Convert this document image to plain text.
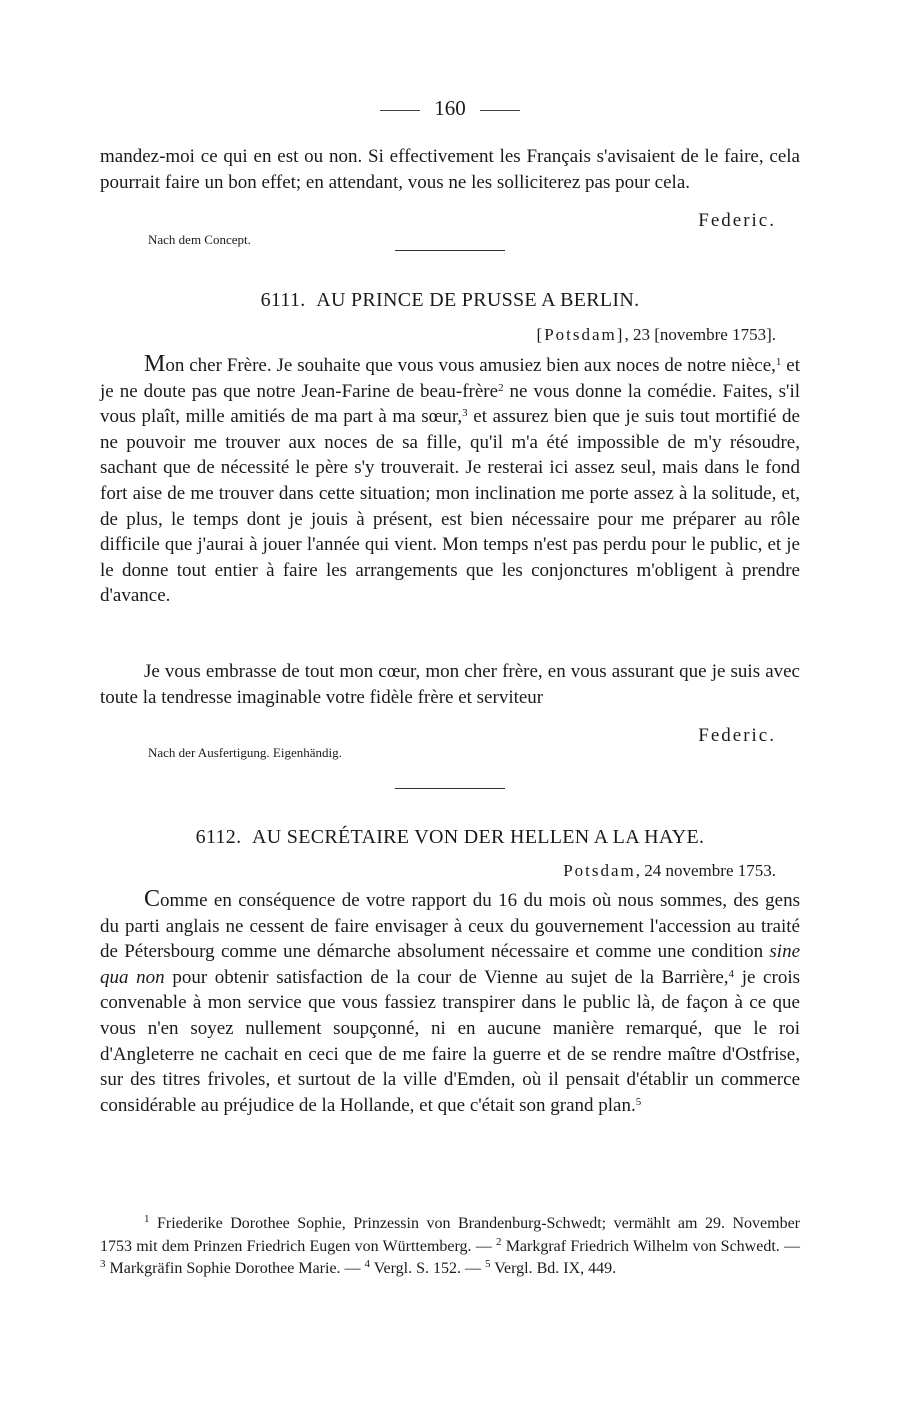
160
mandez-moi ce qui en est ou non. Si effectivement les Français s'avisaient de le faire, cela pourrait faire un bon effet; en attendant, vous ne les solliciterez pas pour cela.
Federic.
Nach dem Concept.
6111. AU PRINCE DE PRUSSE A BERLIN.
[Potsdam], 23 [novembre 1753].
Mon cher Frère. Je souhaite que vous vous amusiez bien aux noces de notre nièce,$^1$ et je ne doute pas que notre Jean-Farine de beau-frère$^2$ ne vous donne la comédie. Faites, s'il vous plaît, mille amitiés de ma part à ma sœur,$^3$ et assurez bien que je suis tout mortifié de ne pouvoir me trouver aux noces de sa fille, qu'il m'a été impossible de m'y résoudre, sachant que de nécessité le père s'y trouverait. Je resterai ici assez seul, mais dans le fond fort aise de me trouver dans cette situation; mon inclination me porte assez à la solitude, et, de plus, le temps dont je jouis à présent, est bien nécessaire pour me préparer au rôle difficile que j'aurai à jouer l'année qui vient. Mon temps n'est pas perdu pour le public, et je le donne tout entier à faire les arrangements que les conjonctures m'obligent à prendre d'avance.
Je vous embrasse de tout mon cœur, mon cher frère, en vous assurant que je suis avec toute la tendresse imaginable votre fidèle frère et serviteur
Federic.
Nach der Ausfertigung. Eigenhändig.
6112. AU SECRÉTAIRE VON DER HELLEN A LA HAYE.
Potsdam, 24 novembre 1753.
Comme en conséquence de votre rapport du 16 du mois où nous sommes, des gens du parti anglais ne cessent de faire envisager à ceux du gouvernement l'accession au traité de Pétersbourg comme une démarche absolument nécessaire et comme une condition sine qua non pour obtenir satisfaction de la cour de Vienne au sujet de la Barrière,$^4$ je crois convenable à mon service que vous fassiez transpirer dans le public là, de façon à ce que vous n'en soyez nullement soupçonné, ni en aucune manière remarqué, que le roi d'Angleterre ne cachait en ceci que de me faire la guerre et de se rendre maître d'Ostfrise, sur des titres frivoles, et surtout de la ville d'Emden, où il pensait d'établir un commerce considérable au préjudice de la Hollande, et que c'était son grand plan.$^5$
$^1$ Friederike Dorothee Sophie, Prinzessin von Brandenburg-Schwedt; vermählt am 29. November 1753 mit dem Prinzen Friedrich Eugen von Württemberg. — $^2$ Markgraf Friedrich Wilhelm von Schwedt. — $^3$ Markgräfin Sophie Dorothee Marie. — $^4$ Vergl. S. 152. — $^5$ Vergl. Bd. IX, 449.
